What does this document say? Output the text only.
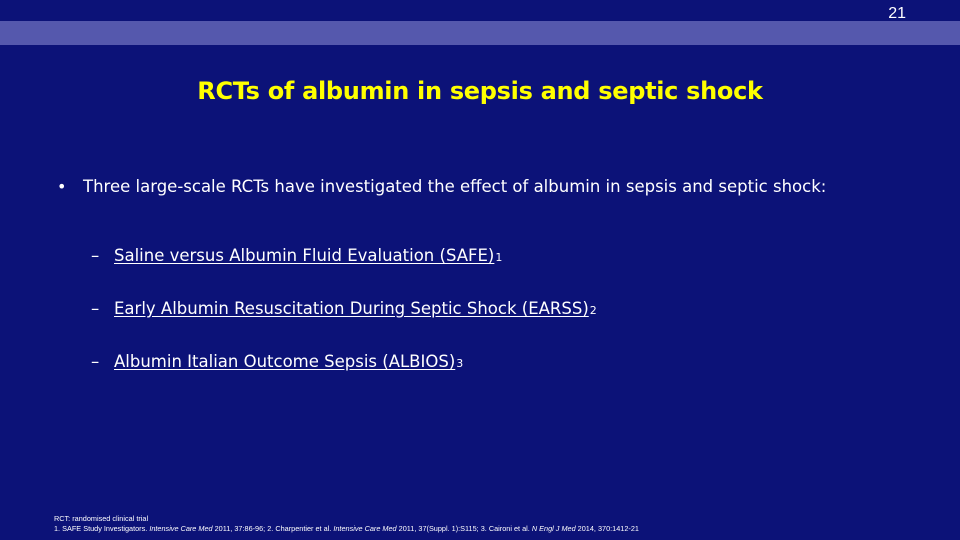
21
RCTs of albumin in sepsis and septic shock
•	Three large-scale RCTs have investigated the effect of albumin in sepsis and septic shock:
– Saline versus Albumin Fluid Evaluation (SAFE) 1
– Early Albumin Resuscitation During Septic Shock (EARSS) 2
– Albumin Italian Outcome Sepsis (ALBIOS) 3
RCT: randomised clinical trial
1. SAFE Study Investigators. Intensive Care Med 2011, 37:86-96; 2. Charpentier et al. Intensive Care Med 2011, 37(Suppl. 1):S115; 3. Caironi et al. N Engl J Med 2014, 370:1412-21
